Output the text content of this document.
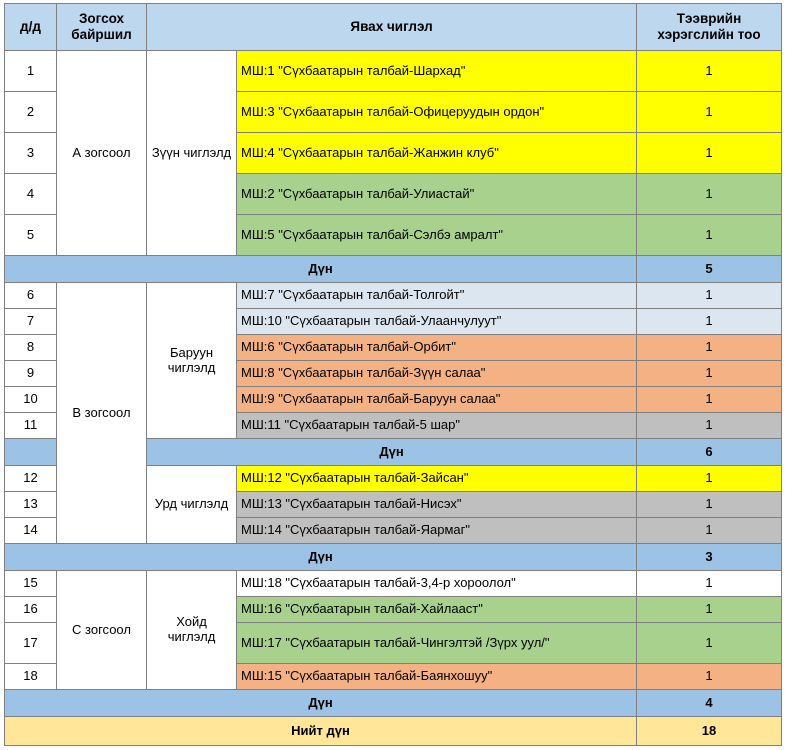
д/д	Зогсох байршил	Явах чиглэл		Тээврийн хэрэгслийн тоо
1	А зогсоол	Зүүн чиглэлд	МШ:1 "Сүхбаатарын талбай-Шархад"	1
2			МШ:3 "Сүхбаатарын талбай-Офицеруудын ордон"	1
3			МШ:4 "Сүхбаатарын талбай-Жанжин клуб"	1
4			МШ:2 "Сүхбаатарын талбай-Улиастай"	1
5			МШ:5 "Сүхбаатарын талбай-Сэлбэ амралт"	1
Дүн				5
6	В зогсоол	Баруун чиглэлд	МШ:7 "Сүхбаатарын талбай-Толгойт"	1
7			МШ:10 "Сүхбаатарын талбай-Улаанчулуут"	1
8			МШ:6 "Сүхбаатарын талбай-Орбит"	1
9			МШ:8 "Сүхбаатарын талбай-Зүүн салаа"	1
10			МШ:9 "Сүхбаатарын талбай-Баруун салаа"	1
11			МШ:11 "Сүхбаатарын талбай-5 шар"	1
		Дүн		6
12		Урд чиглэлд	МШ:12 "Сүхбаатарын талбай-Зайсан"	1
13			МШ:13 "Сүхбаатарын талбай-Нисэх"	1
14			МШ:14 "Сүхбаатарын талбай-Яармаг"	1
Дүн				3
15	С зогсоол	Хойд чиглэлд	МШ:18 "Сүхбаатарын талбай-3,4-р хороолол"	1
16			МШ:16 "Сүхбаатарын талбай-Хайлааст"	1
17			МШ:17 "Сүхбаатарын талбай-Чингэлтэй /Зүрх уул/"	1
18			МШ:15 "Сүхбаатарын талбай-Баянхошуу"	1
Дүн				4
Нийт дүн				18
